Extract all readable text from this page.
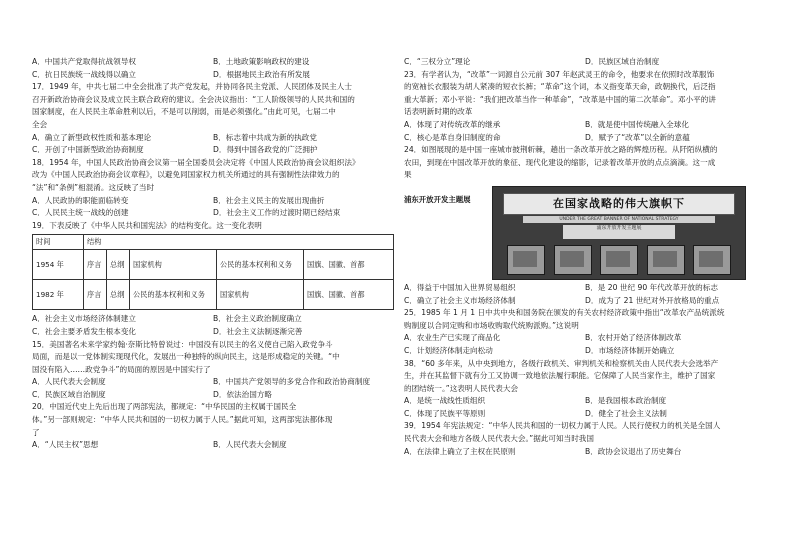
A．中国共产党取得抗战领导权	B．土地政策影响政权的建设
C．抗日民族统一战线得以确立	D．根据地民主政治有所发展
17．1949 年，中共七届二中全会批准了共产党发起，并协同各民主党派、人民团体及民主人士
召开新政治协商会议及成立民主联合政府的建议。全会决议指出：“工人阶级领导的人民共和国的
国家制度，在人民民主革命胜利以后，不是可以削弱，而是必须强化。”由此可见，七届二中
全会
A．确立了新型政权性质和基本理论	B．标志着中共成为新的执政党
C．开创了中国新型政治协商制度	D．得到中国各政党的广泛拥护
18．1954 年，中国人民政治协商会议第一届全国委员会决定将《中国人民政治协商会议组织法》
改为《中国人民政治协商会议章程》，以避免同国家权力机关所通过的具有强制性法律效力的
“法”和“条例”相混淆。这反映了当时
A．人民政协的职能面临转变	B．社会主义民主的发展出现曲折
C．人民民主统一战线的创建	D．社会主义工作的过渡时期已经结束
19．下表反映了《中华人民共和国宪法》的结构变化。这一变化表明
时间	结构				
1954 年	序言	总纲	国家机构	公民的基本权利和义务	国旗、国徽、首都
1982 年	序言	总纲	公民的基本权利和义务	国家机构	国旗、国徽、首都
A．社会主义市场经济体制建立	B．社会主义政治制度确立
C．社会主要矛盾发生根本变化	D．社会主义法制逐渐完善
15．美国著名未来学家约翰·奈斯比特曾说过：中国没有以民主的名义使自己陷入政党争斗
局面，而是以一党体制实现现代化，发展出一种独特的纵向民主，这是形成稳定的关键。“中
国没有陷入……政党争斗”的局面的原因是中国实行了
A．人民代表大会制度	B．中国共产党领导的多党合作和政治协商制度
C．民族区域自治制度	D．依法治国方略
20．中国近代史上先后出现了两部宪法，都规定：“中华民国的主权属于国民全
体。”另一部则规定：“中华人民共和国的一切权力属于人民。”据此可知，这两部宪法都体现
了
A．“人民主权”思想	B．人民代表大会制度
C．“三权分立”理论	D．民族区域自治制度
23．有学者认为，“改革”一词源自公元前 307 年赵武灵王的命令，他要求在依照时改革服饰
的宽袖长衣服装为胡人紧凑的短衣长裤；“革命”这个词，本义指变革天命，政朝换代，后泛指
重大革新；邓小平说：“我们把改革当作一种革命”，“改革是中国的第二次革命”。邓小平的讲
话表明新时期的改革
A．体现了对传统改革的继承	B．就是使中国传统融入全球化
C．核心是革自身旧制度的命	D．赋予了“改革”以全新的意蕴
24．如图展现的是中国一座城市披荆斩棘，趟出一条改革开放之路的辉煌历程。从阡陌纵横的
农田，到现在中国改革开放的象征、现代化建设的缩影，记录着改革开放的点点滴滴。这一成
果
浦东开放开发主题展	在国家战略的伟大旗帜下
UNDER THE GREAT BANNER OF NATIONAL STRATEGY
浦东开放开发主题展
A．得益于中国加入世界贸易组织	B．是 20 世纪 90 年代改革开放的标志
C．确立了社会主义市场经济体制	D．成为了 21 世纪对外开放格局的重点
25．1985 年 1 月 1 日中共中央和国务院在颁发的有关农村经济政策中指出“改革农产品统派统
购制度以合同定购和市场收购取代统购派购。”这说明
A．农业生产已实现了商品化	B．农村开始了经济体制改革
C．计划经济体制走向松动	D．市场经济体制开始确立
38．“60 多年来，从中央到地方，各级行政机关、审判机关和检察机关由人民代表大会选举产
生，并在其监督下就有分工又协调一致地依法履行职能。它保障了人民当家作主，维护了国家
的团结统一。”这表明人民代表大会
A．是统一战线性质组织	B．是我国根本政治制度
C．体现了民族平等原则	D．健全了社会主义法制
39．1954 年宪法规定：“中华人民共和国的一切权力属于人民。人民行使权力的机关是全国人
民代表大会和地方各级人民代表大会。”据此可知当时我国
A．在法律上确立了主权在民原则	B．政协会议退出了历史舞台
